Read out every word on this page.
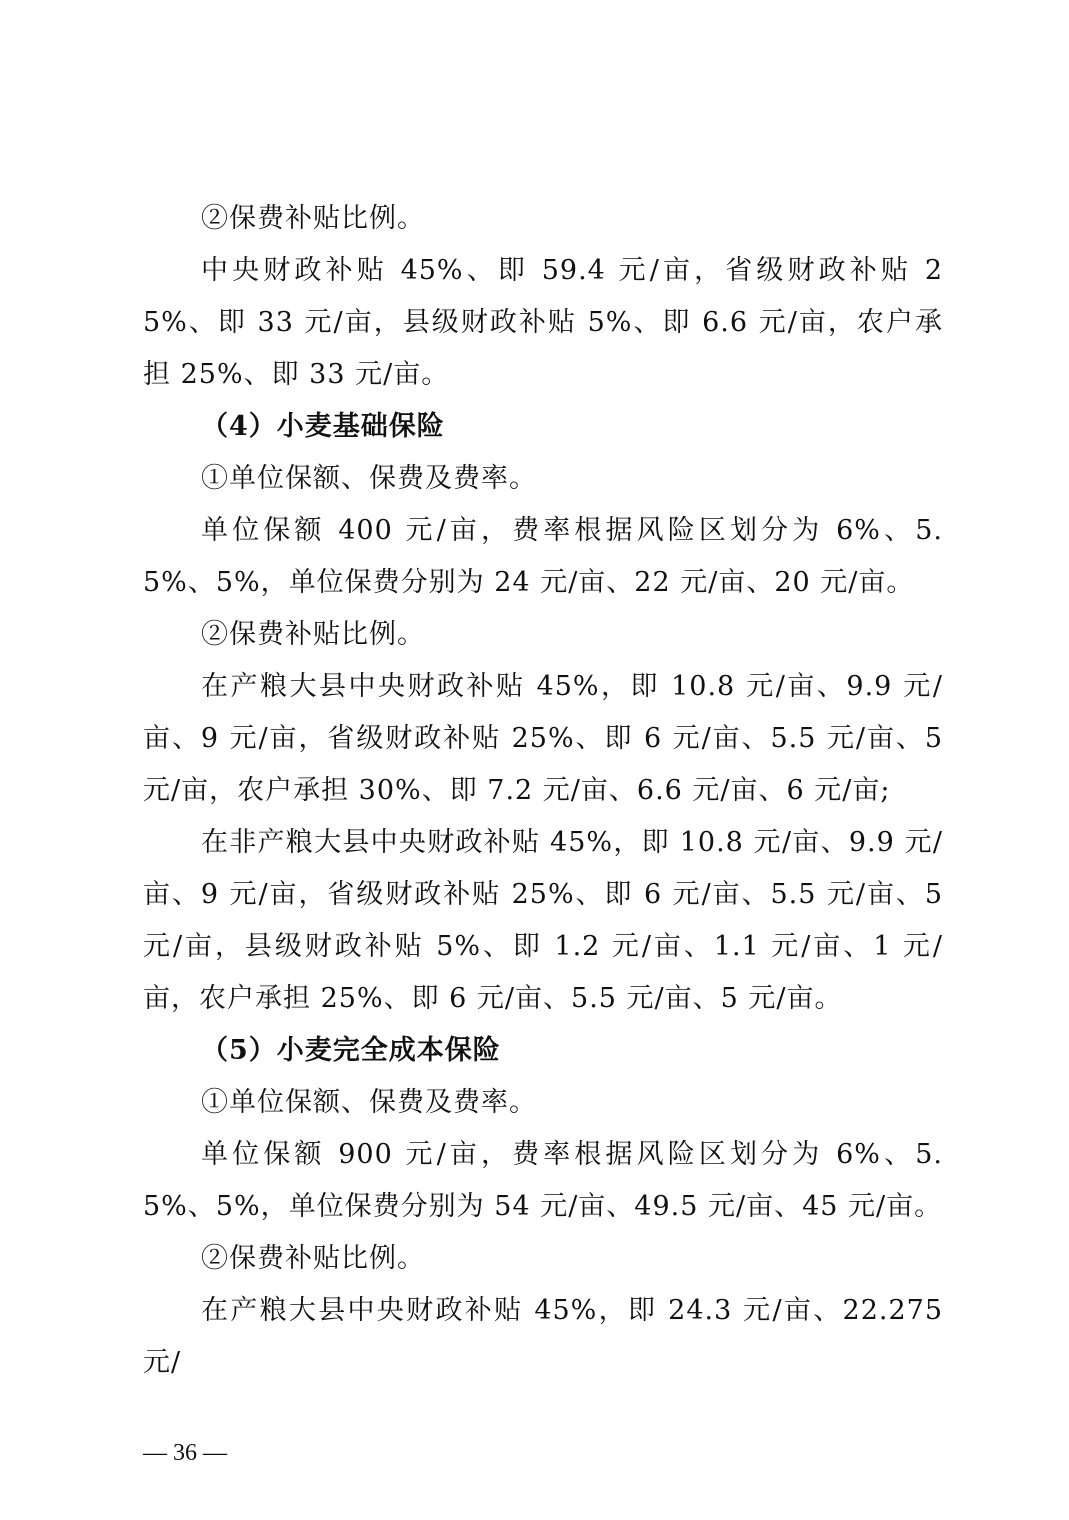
②保费补贴比例。

中央财政补贴 45%、即 59.4 元/亩，省级财政补贴 25%、即 33 元/亩，县级财政补贴 5%、即 6.6 元/亩，农户承担 25%、即 33 元/亩。

（4）小麦基础保险

①单位保额、保费及费率。

单位保额 400 元/亩，费率根据风险区划分为 6%、5.5%、5%，单位保费分别为 24 元/亩、22 元/亩、20 元/亩。

②保费补贴比例。

在产粮大县中央财政补贴 45%，即 10.8 元/亩、9.9 元/亩、9 元/亩，省级财政补贴 25%、即 6 元/亩、5.5 元/亩、5 元/亩，农户承担 30%、即 7.2 元/亩、6.6 元/亩、6 元/亩;

在非产粮大县中央财政补贴 45%，即 10.8 元/亩、9.9 元/亩、9 元/亩，省级财政补贴 25%、即 6 元/亩、5.5 元/亩、5 元/亩，县级财政补贴 5%、即 1.2 元/亩、1.1 元/亩、1 元/亩，农户承担 25%、即 6 元/亩、5.5 元/亩、5 元/亩。

（5）小麦完全成本保险

①单位保额、保费及费率。

单位保额 900 元/亩，费率根据风险区划分为 6%、5.5%、5%，单位保费分别为 54 元/亩、49.5 元/亩、45 元/亩。

②保费补贴比例。

在产粮大县中央财政补贴 45%，即 24.3 元/亩、22.275 元/

— 36 —
